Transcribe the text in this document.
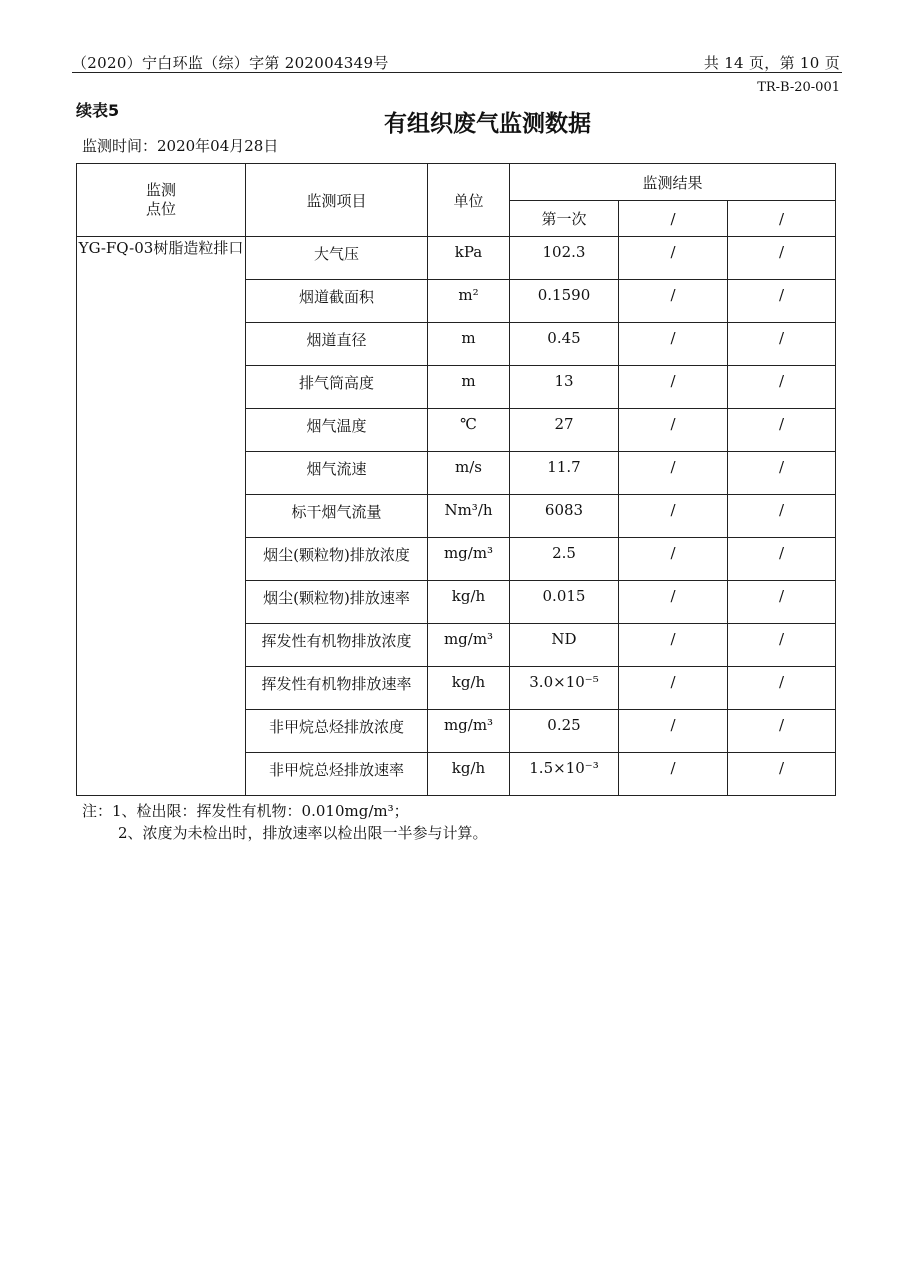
（2020）宁白环监（综）字第 202004349号	共 14 页，第 10 页
TR-B-20-001
续表5
有组织废气监测数据
监测时间：2020年04月28日
监测
点位	监测项目	单位	监测结果		
			第一次	/	/

YG-FQ-03树脂造粒排口	大气压	kPa	102.3	/	/
	烟道截面积	m²	0.1590	/	/
	烟道直径	m	0.45	/	/
	排气筒高度	m	13	/	/
	烟气温度	℃	27	/	/
	烟气流速	m/s	11.7	/	/
	标干烟气流量	Nm³/h	6083	/	/
	烟尘(颗粒物)排放浓度	mg/m³	2.5	/	/
	烟尘(颗粒物)排放速率	kg/h	0.015	/	/
	挥发性有机物排放浓度	mg/m³	ND	/	/
	挥发性有机物排放速率	kg/h	3.0×10⁻⁵	/	/
	非甲烷总烃排放浓度	mg/m³	0.25	/	/
	非甲烷总烃排放速率	kg/h	1.5×10⁻³	/	/
注：1、检出限：挥发性有机物：0.010mg/m³；
2、浓度为未检出时，排放速率以检出限一半参与计算。
